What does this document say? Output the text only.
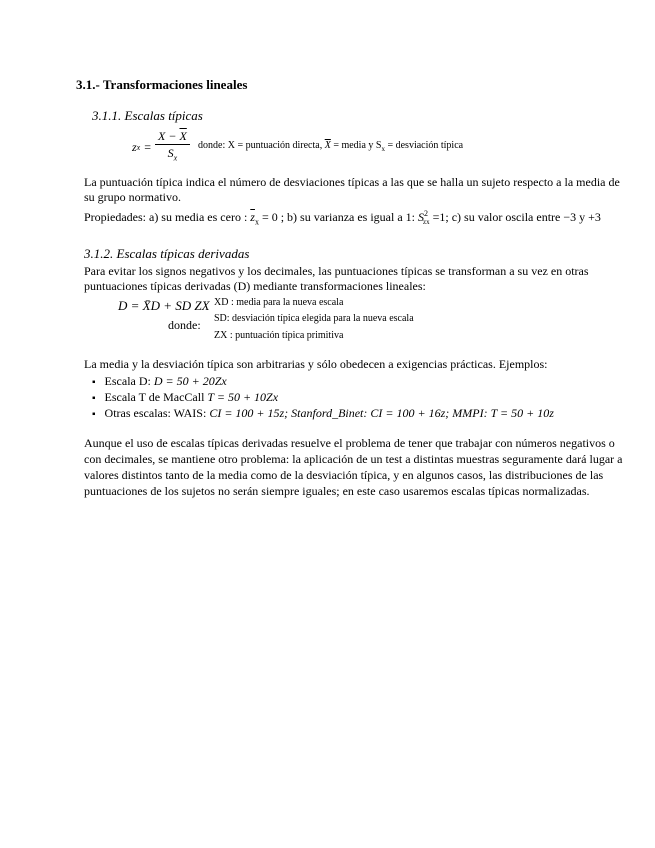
3.1.- Transformaciones lineales
3.1.1. Escalas típicas
z $x = \frac{X - \overline{X}}{S_x}$ donde: X = puntuación directa, $\overline{X}$ = media y $S_x$ = desviación típica
La puntuación típica indica el número de desviaciones típicas a las que se halla un sujeto respecto a la media de
su grupo normativo.
Propiedades: a) su media es cero : $\overline{z}_x = 0$ ; b) su varianza es igual a 1: $S^2_{zx} =1$; c) su valor oscila entre −3 y +3
3.1.2. Escalas típicas derivadas
Para evitar los signos negativos y los decimales, las puntuaciones típicas se transforman a su vez en otras
puntuaciones típicas derivadas (D) mediante transformaciones lineales:
D = X̄D + SD ZX
donde:
XD : media para la nueva escala
SD: desviación típica elegida para la nueva escala
ZX : puntuación típica primitiva
La media y la desviación típica son arbitrarias y sólo obedecen a exigencias prácticas. Ejemplos:
▪ Escala D: D = 50 + 20Zx
▪ Escala T de MacCall T = 50 + 10Zx
▪ Otras escalas: WAIS: CI = 100 + 15z; Stanford_Binet: CI = 100 + 16z; MMPI: T = 50 + 10z
Aunque el uso de escalas típicas derivadas resuelve el problema de tener que trabajar con números negativos o
con decimales, se mantiene otro problema: la aplicación de un test a distintas muestras seguramente dará lugar a
valores distintos tanto de la media como de la desviación típica, y en algunos casos, las distribuciones de las
puntuaciones de los sujetos no serán siempre iguales; en este caso usaremos escalas típicas normalizadas.
